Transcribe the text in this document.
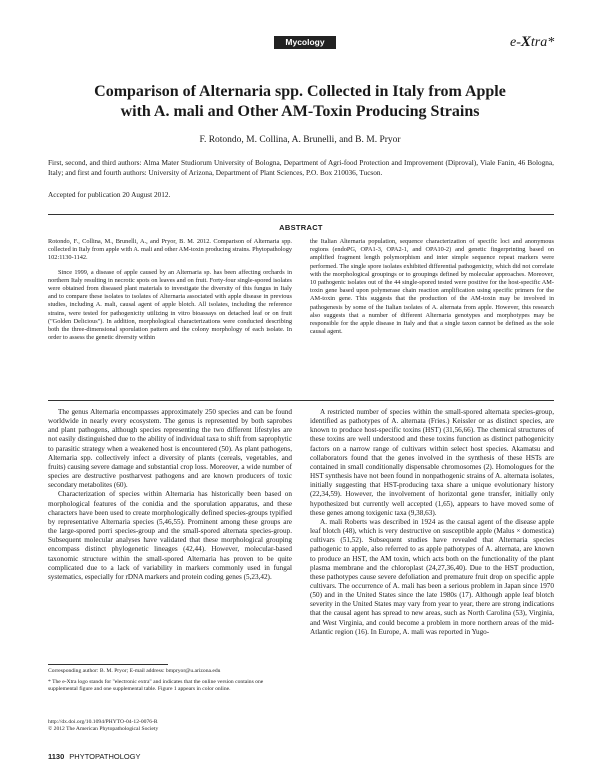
Mycology	e-Xtra*
Comparison of Alternaria spp. Collected in Italy from Apple
with A. mali and Other AM-Toxin Producing Strains
F. Rotondo, M. Collina, A. Brunelli, and B. M. Pryor
First, second, and third authors: Alma Mater Studiorum University of Bologna, Department of Agri-food Protection and Improvement (Diproval), Viale Fanin, 46 Bologna, Italy; and first and fourth authors: University of Arizona, Department of Plant Sciences, P.O. Box 210036, Tucson.
Accepted for publication 20 August 2012.
ABSTRACT

Rotondo, F., Collina, M., Brunelli, A., and Pryor, B. M. 2012. Comparison of Alternaria spp. collected in Italy from apple with A. mali and other AM-toxin producing strains. Phytopathology 102:1130-1142.

Since 1999, a disease of apple caused by an Alternaria sp. has been affecting orchards in northern Italy resulting in necrotic spots on leaves and on fruit. Forty-four single-spored isolates were obtained from diseased plant materials to investigate the diversity of this fungus in Italy and to compare these isolates to isolates of Alternaria associated with apple disease in previous studies, including A. mali, causal agent of apple blotch. All isolates, including the reference strains, were tested for pathogenicity utilizing in vitro bioassays on detached leaf or on fruit ("Golden Delicious"). In addition, morphological characterizations were conducted describing both the three-dimensional sporulation pattern and the colony morphology of each isolate. In order to assess the genetic diversity within

the Italian Alternaria population, sequence characterization of specific loci and anonymous regions (endoPG, OPA1-3, OPA2-1, and OPA10-2) and genetic fingerprinting based on amplified fragment length polymorphism and inter simple sequence repeat markers were performed. The single spore isolates exhibited differential pathogenicity, which did not correlate with the morphological groupings or to groupings defined by molecular approaches. Moreover, 10 pathogenic isolates out of the 44 single-spored tested were positive for the host-specific AM-toxin gene based upon polymerase chain reaction amplification using specific primers for the AM-toxin gene. This suggests that the production of the AM-toxin may be involved in pathogenesis by some of the Italian isolates of A. alternata from apple. However, this research also suggests that a number of different Alternaria genotypes and morphotypes may be responsible for the apple disease in Italy and that a single taxon cannot be defined as the sole causal agent.

The genus Alternaria encompasses approximately 250 species and can be found worldwide in nearly every ecosystem. The genus is represented by both saprobes and plant pathogens, although species representing the two different lifestyles are not easily distinguished due to the ability of individual taxa to shift from saprophytic to parasitic strategy when a weakened host is encountered (50). As plant pathogens, Alternaria spp. collectively infect a diversity of plants (cereals, vegetables, and fruits) causing severe damage and substantial crop loss. Moreover, a wide number of species are destructive postharvest pathogens and are known producers of toxic secondary metabolites (60).

Characterization of species within Alternaria has historically been based on morphological features of the conidia and the sporulation apparatus, and these characters have been used to create morphologically defined species-groups typified by representative Alternaria species (5,46,55). Prominent among these groups are the large-spored porri species-group and the small-spored alternata species-group. Subsequent molecular analyses have validated that these morphological grouping encompass distinct phylogenetic lineages (42,44). However, molecular-based taxonomic structure within the small-spored Alternaria has proven to be quite complicated due to a lack of variability in markers commonly used in fungal systematics, especially for rDNA markers and protein coding genes (5,23,42).

A restricted number of species within the small-spored alternata species-group, identified as pathotypes of A. alternata (Fries.) Keissler or as distinct species, are known to produce host-specific toxins (HST) (31,56,66). The chemical structures of these toxins are well understood and these toxins function as distinct pathogenicity factors on a narrow range of cultivars within select host species. Akamatsu and collaborators found that the genes involved in the synthesis of these HSTs are contained in small conditionally dispensable chromosomes (2). Homologues for the HST synthesis have not been found in nonpathogenic strains of A. alternata isolates, initially suggesting that HST-producing taxa share a unique evolutionary history (22,34,59). However, the involvement of horizontal gene transfer, initially only hypothesized but currently well accepted (1,65), appears to have moved some of these genes among toxigenic taxa (9,38,63).

A. mali Roberts was described in 1924 as the causal agent of the disease apple leaf blotch (48), which is very destructive on susceptible apple (Malus × domestica) cultivars (51,52). Subsequent studies have revealed that Alternaria species pathogenic to apple, also referred to as apple pathotypes of A. alternata, are known to produce an HST, the AM toxin, which acts both on the functionality of the plant plasma membrane and the chloroplast (24,27,36,40). Due to the HST production, these pathotypes cause severe defoliation and premature fruit drop on specific apple cultivars. The occurrence of A. mali has been a serious problem in Japan since 1970 (50) and in the United States since the late 1980s (17). Although apple leaf blotch severity in the United States may vary from year to year, there are strong indications that the causal agent has spread to new areas, such as North Carolina (53), Virginia, and West Virginia, and could become a problem in more northern areas of the mid-Atlantic region (16). In Europe, A. mali was reported in Yugo-

Corresponding author: B. M. Pryor; E-mail address: bmpryor@u.arizona.edu

* The e-Xtra logo stands for "electronic extra" and indicates that the online version contains one supplemental figure and one supplemental table. Figure 1 appears in color online.

http://dx.doi.org/10.1094/PHYTO-04-12-0076-R
© 2012 The American Phytopathological Society
1130 PHYTOPATHOLOGY
